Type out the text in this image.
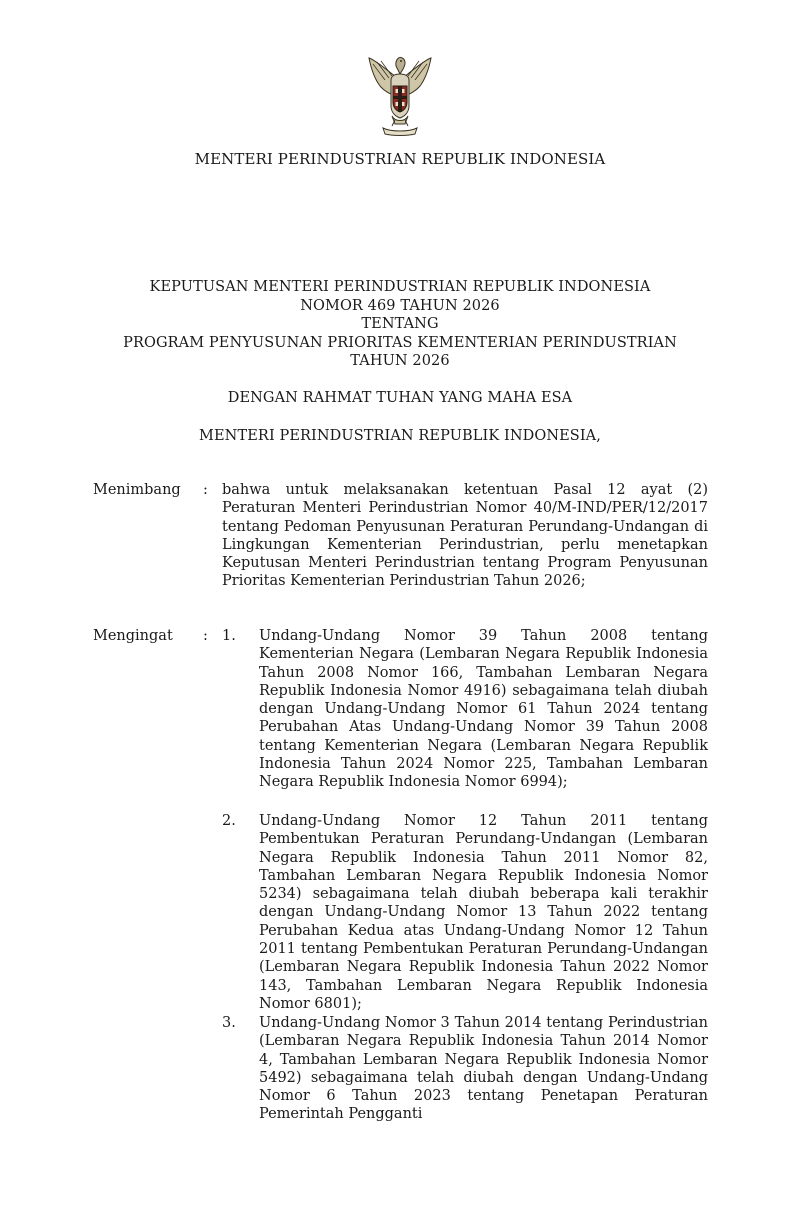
MENTERI PERINDUSTRIAN REPUBLIK INDONESIA
KEPUTUSAN MENTERI PERINDUSTRIAN REPUBLIK INDONESIA
NOMOR 469 TAHUN 2026
TENTANG
PROGRAM PENYUSUNAN PRIORITAS KEMENTERIAN PERINDUSTRIAN
TAHUN 2026
DENGAN RAHMAT TUHAN YANG MAHA ESA
MENTERI PERINDUSTRIAN REPUBLIK INDONESIA,
Menimbang : bahwa untuk melaksanakan ketentuan Pasal 12 ayat (2) Peraturan Menteri Perindustrian Nomor 40/M-IND/PER/12/2017 tentang Pedoman Penyusunan Peraturan Perundang-Undangan di Lingkungan Kementerian Perindustrian, perlu menetapkan Keputusan Menteri Perindustrian tentang Program Penyusunan Prioritas Kementerian Perindustrian Tahun 2026;
Mengingat : 1. Undang-Undang Nomor 39 Tahun 2008 tentang Kementerian Negara (Lembaran Negara Republik Indonesia Tahun 2008 Nomor 166, Tambahan Lembaran Negara Republik Indonesia Nomor 4916) sebagaimana telah diubah dengan Undang-Undang Nomor 61 Tahun 2024 tentang Perubahan Atas Undang-Undang Nomor 39 Tahun 2008 tentang Kementerian Negara (Lembaran Negara Republik Indonesia Tahun 2024 Nomor 225, Tambahan Lembaran Negara Republik Indonesia Nomor 6994);
2. Undang-Undang Nomor 12 Tahun 2011 tentang Pembentukan Peraturan Perundang-Undangan (Lembaran Negara Republik Indonesia Tahun 2011 Nomor 82, Tambahan Lembaran Negara Republik Indonesia Nomor 5234) sebagaimana telah diubah beberapa kali terakhir dengan Undang-Undang Nomor 13 Tahun 2022 tentang Perubahan Kedua atas Undang-Undang Nomor 12 Tahun 2011 tentang Pembentukan Peraturan Perundang-Undangan (Lembaran Negara Republik Indonesia Tahun 2022 Nomor 143, Tambahan Lembaran Negara Republik Indonesia Nomor 6801);
3. Undang-Undang Nomor 3 Tahun 2014 tentang Perindustrian (Lembaran Negara Republik Indonesia Tahun 2014 Nomor 4, Tambahan Lembaran Negara Republik Indonesia Nomor 5492) sebagaimana telah diubah dengan Undang-Undang Nomor 6 Tahun 2023 tentang Penetapan Peraturan Pemerintah Pengganti
